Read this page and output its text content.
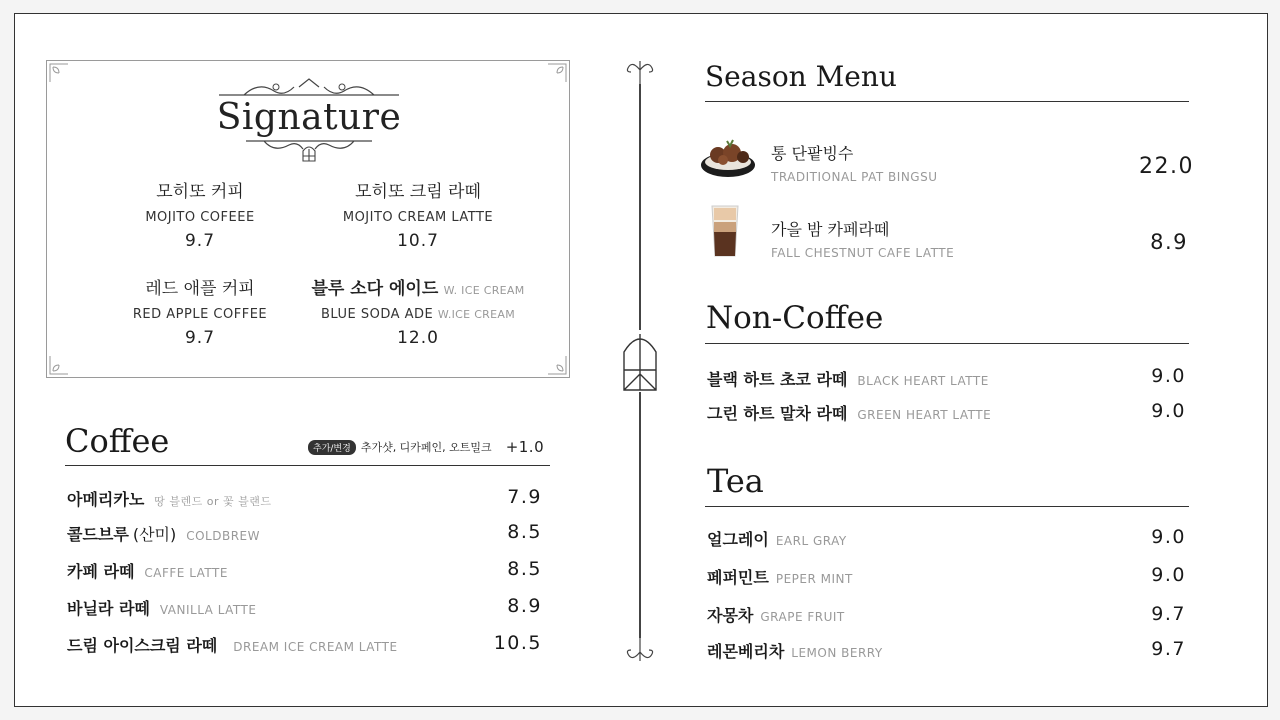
Signature
모히또 커피
MOJITO COFEEE
9.7
모히또 크림 라떼
MOJITO CREAM LATTE
10.7
레드 애플 커피
RED APPLE COFFEE
9.7
블루 소다 에이드 W. ICE CREAM
BLUE SODA ADE W.ICE CREAM
12.0
Coffee	추가/변경 추가샷, 디카페인, 오트밀크 +1.0
아메리카노 땅 블렌드 or 꽃 블랜드	7.9
콜드브루 (산미) COLDBREW	8.5
카페 라떼 CAFFE LATTE	8.5
바닐라 라떼 VANILLA LATTE	8.9
드림 아이스크림 라떼 DREAM ICE CREAM LATTE	10.5
Season Menu
통 단팥빙수
TRADITIONAL PAT BINGSU	22.0
가을 밤 카페라떼
FALL CHESTNUT CAFE LATTE	8.9
Non-Coffee
블랙 하트 초코 라떼 BLACK HEART LATTE	9.0
그린 하트 말차 라떼 GREEN HEART LATTE	9.0
Tea
얼그레이 EARL GRAY	9.0
페퍼민트 PEPER MINT	9.0
자몽차 GRAPE FRUIT	9.7
레몬베리차 LEMON BERRY	9.7
